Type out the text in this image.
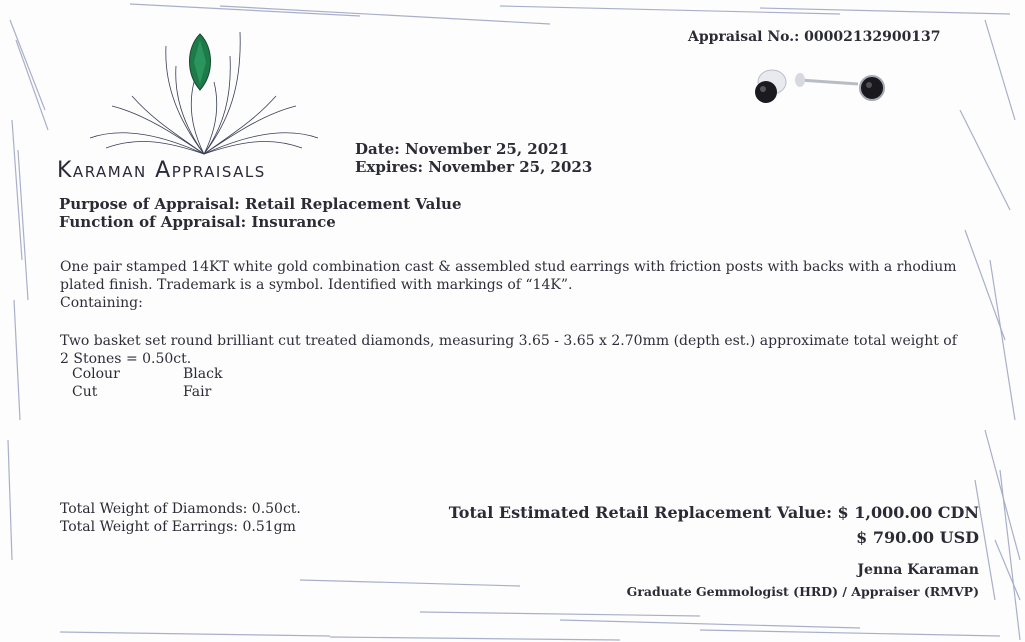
Appraisal No.: 00002132900137
Karaman Appraisals
Date: November 25, 2021
Expires: November 25, 2023
Purpose of Appraisal: Retail Replacement Value
Function of Appraisal: Insurance
One pair stamped 14KT white gold combination cast & assembled stud earrings with friction posts with backs with a rhodium plated finish. Trademark is a symbol. Identified with markings of “14K”.
Containing:
Two basket set round brilliant cut treated diamonds, measuring 3.65 - 3.65 x 2.70mm (depth est.) approximate total weight of 2 Stones = 0.50ct.
Colour	Black
Cut	Fair
Total Weight of Diamonds: 0.50ct.
Total Weight of Earrings: 0.51gm
Total Estimated Retail Replacement Value: $ 1,000.00 CDN
$ 790.00 USD
Jenna Karaman
Graduate Gemmologist (HRD) / Appraiser (RMVP)
